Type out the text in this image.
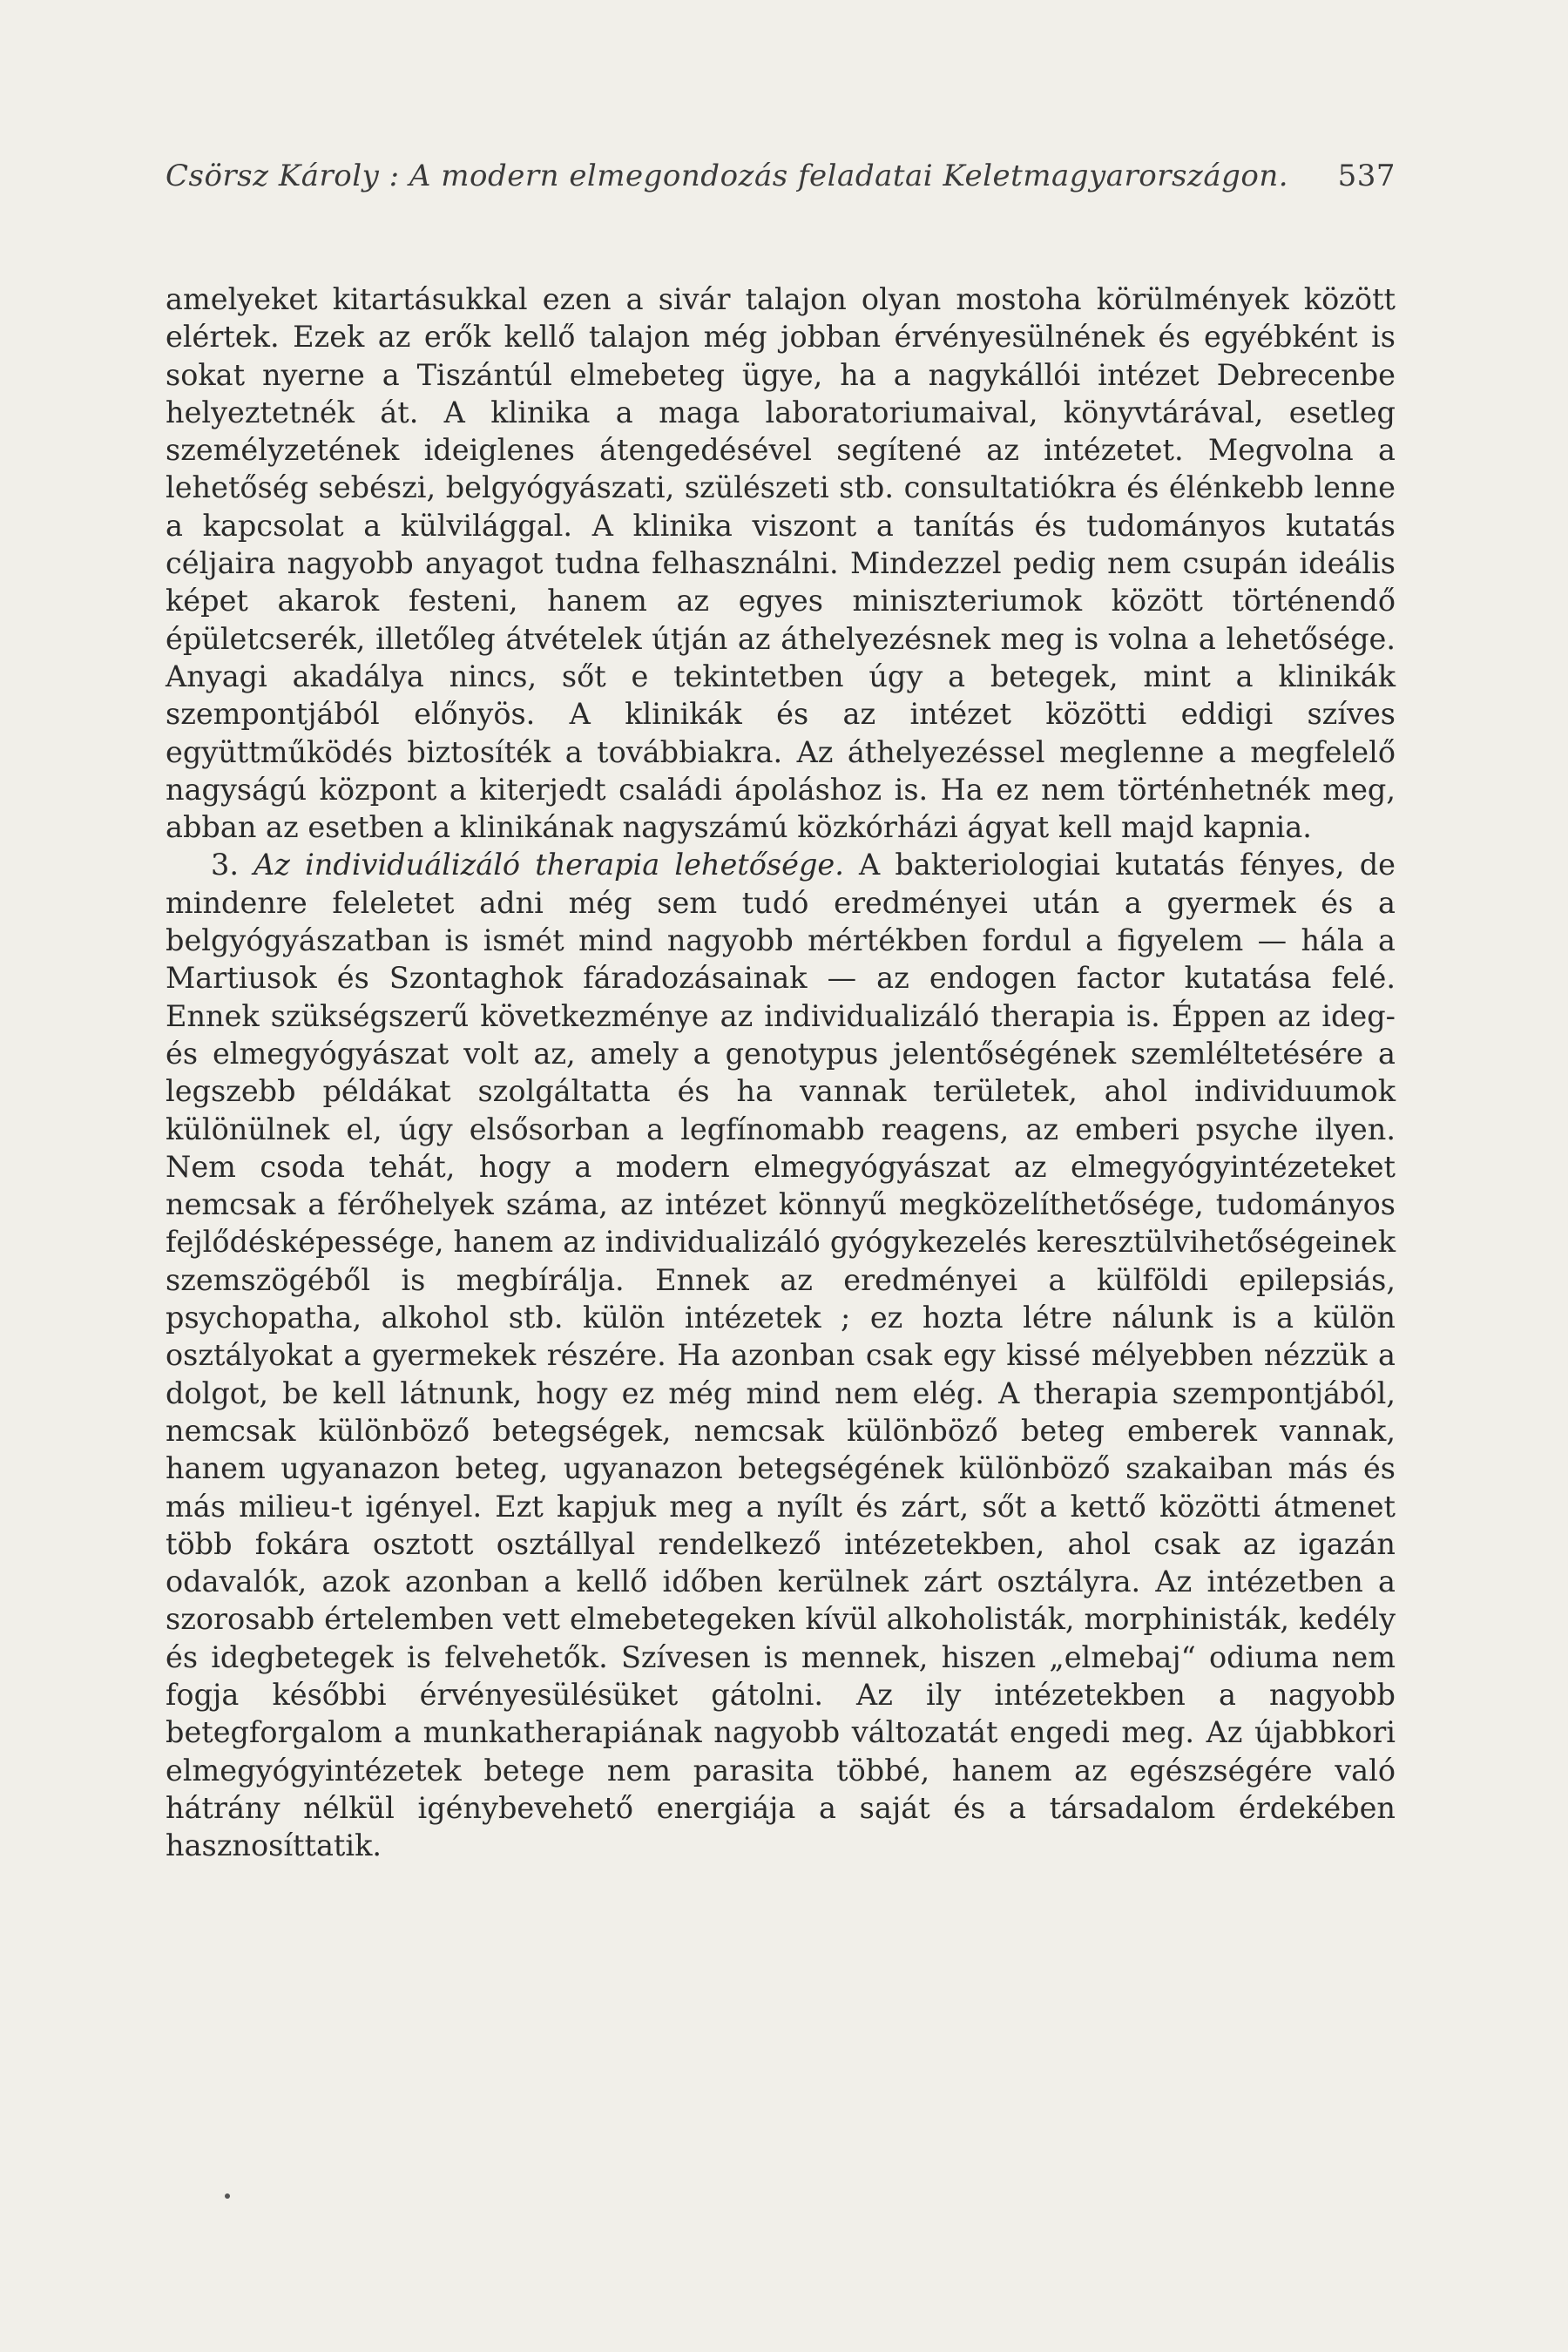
Csörsz Károly : A modern elmegondozás feladatai Keletmagyarországon. 537

amelyeket kitartásukkal ezen a sivár talajon olyan mostoha körülmények között elértek. Ezek az erők kellő talajon még jobban érvényesülnének és egyébként is sokat nyerne a Tiszántúl elmebeteg ügye, ha a nagykállói intézet Debrecenbe helyeztetnék át. A klinika a maga laboratoriumaival, könyvtárával, esetleg személyzetének ideiglenes átengedésével segítené az intézetet. Megvolna a lehetőség sebészi, belgyógyászati, szülészeti stb. consultatiókra és élénkebb lenne a kapcsolat a külvilággal. A klinika viszont a tanítás és tudományos kutatás céljaira nagyobb anyagot tudna felhasználni. Mindezzel pedig nem csupán ideális képet akarok festeni, hanem az egyes miniszteriumok között történendő épületcserék, illetőleg átvételek útján az áthelyezésnek meg is volna a lehetősége. Anyagi akadálya nincs, sőt e tekintetben úgy a betegek, mint a klinikák szempontjából előnyös. A klinikák és az intézet közötti eddigi szíves együttműködés biztosíték a továbbiakra. Az áthelyezéssel meglenne a megfelelő nagyságú központ a kiterjedt családi ápoláshoz is. Ha ez nem történhetnék meg, abban az esetben a klinikának nagyszámú közkórházi ágyat kell majd kapnia.

3. Az individuálizáló therapia lehetősége. A bakteriologiai kutatás fényes, de mindenre feleletet adni még sem tudó eredményei után a gyermek és a belgyógyászatban is ismét mind nagyobb mértékben fordul a figyelem — hála a Martiusok és Szontaghok fáradozásainak — az endogen factor kutatása felé. Ennek szükségszerű következménye az individualizáló therapia is. Éppen az ideg- és elmegyógyászat volt az, amely a genotypus jelentőségének szemléltetésére a legszebb példákat szolgáltatta és ha vannak területek, ahol individuumok különülnek el, úgy elsősorban a legfínomabb reagens, az emberi psyche ilyen. Nem csoda tehát, hogy a modern elmegyógyászat az elmegyógyintézeteket nemcsak a férőhelyek száma, az intézet könnyű megközelíthetősége, tudományos fejlődésképessége, hanem az individualizáló gyógykezelés keresztülvihetőségeinek szemszögéből is megbírálja. Ennek az eredményei a külföldi epilepsiás, psychopatha, alkohol stb. külön intézetek ; ez hozta létre nálunk is a külön osztályokat a gyermekek részére. Ha azonban csak egy kissé mélyebben nézzük a dolgot, be kell látnunk, hogy ez még mind nem elég. A therapia szempontjából, nemcsak különböző betegségek, nemcsak különböző beteg emberek vannak, hanem ugyanazon beteg, ugyanazon betegségének különböző szakaiban más és más milieu-t igényel. Ezt kapjuk meg a nyílt és zárt, sőt a kettő közötti átmenet több fokára osztott osztállyal rendelkező intézetekben, ahol csak az igazán odavalók, azok azonban a kellő időben kerülnek zárt osztályra. Az intézetben a szorosabb értelemben vett elmebetegeken kívül alkoholisták, morphinisták, kedély és idegbetegek is felvehetők. Szívesen is mennek, hiszen „elmebaj“ odiuma nem fogja későbbi érvényesülésüket gátolni. Az ily intézetekben a nagyobb betegforgalom a munkatherapiának nagyobb változatát engedi meg. Az újabbkori elmegyógyintézetek betege nem parasita többé, hanem az egészségére való hátrány nélkül igénybevehető energiája a saját és a társadalom érdekében hasznosíttatik.
